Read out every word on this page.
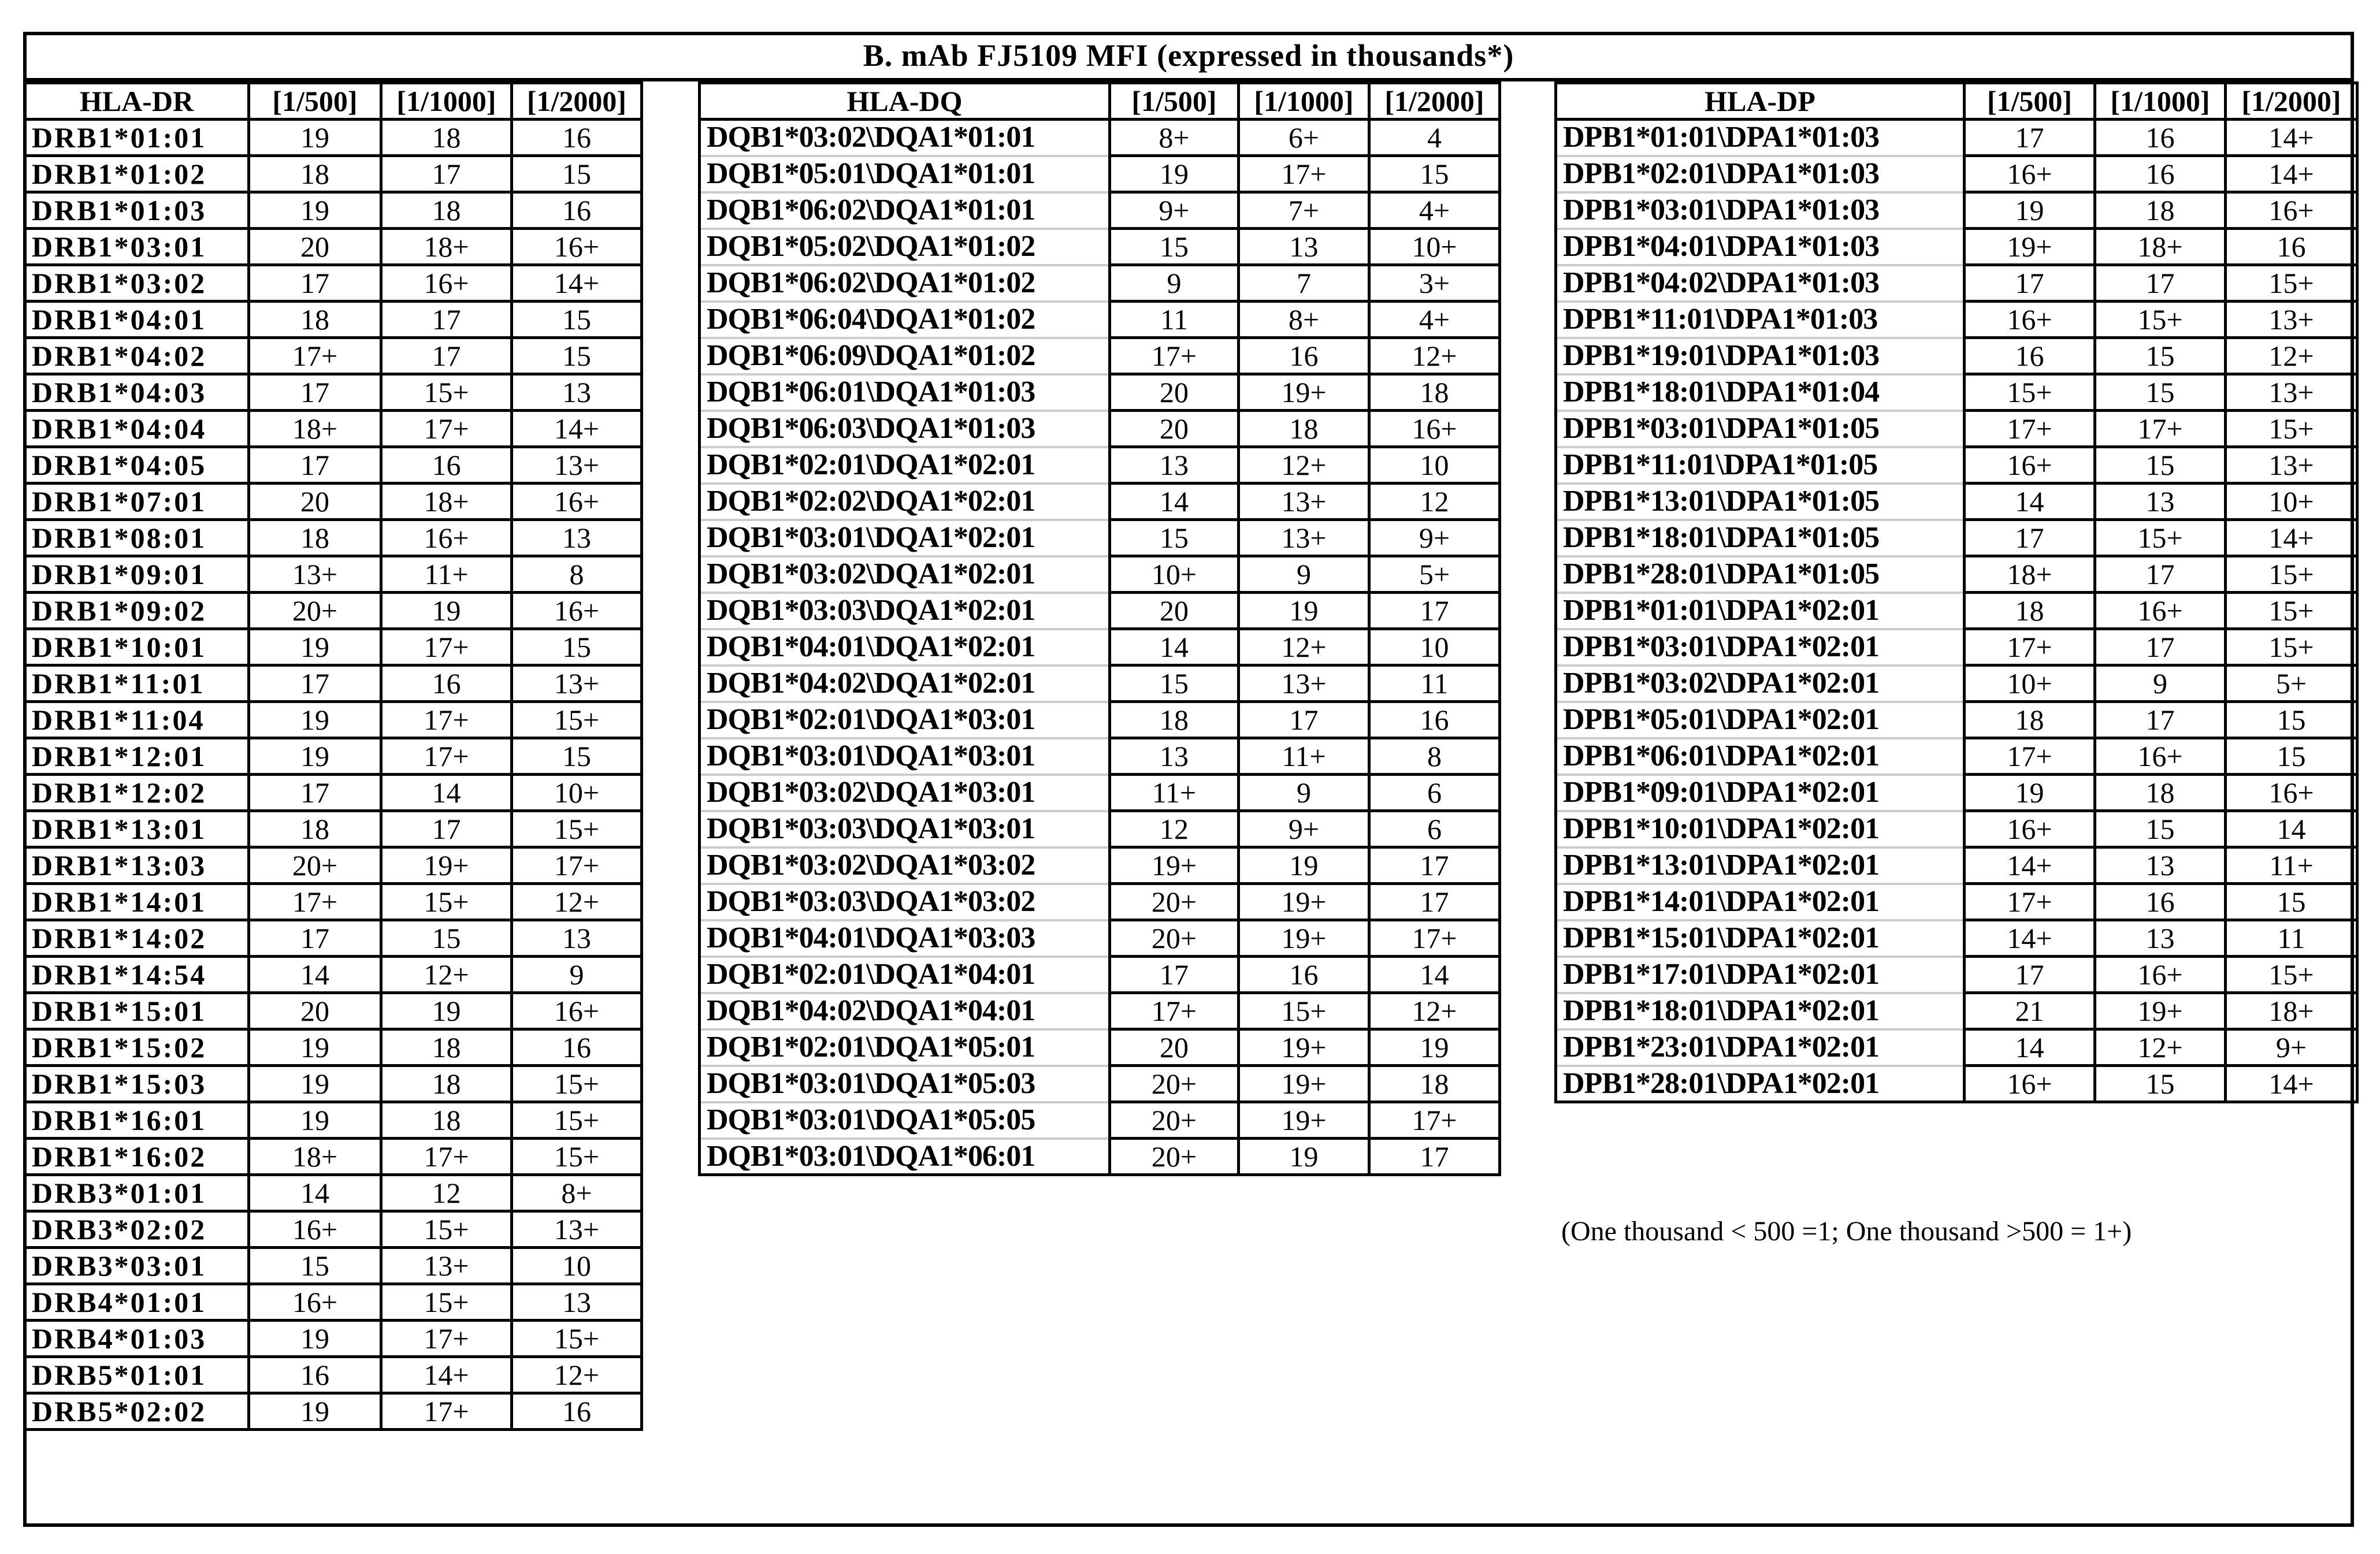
B. mAb FJ5109 MFI (expressed in thousands*)
HLA-DR	[1/500]	[1/1000]	[1/2000]
DRB1*01:01	19	18	16
DRB1*01:02	18	17	15
DRB1*01:03	19	18	16
DRB1*03:01	20	18+	16+
DRB1*03:02	17	16+	14+
DRB1*04:01	18	17	15
DRB1*04:02	17+	17	15
DRB1*04:03	17	15+	13
DRB1*04:04	18+	17+	14+
DRB1*04:05	17	16	13+
DRB1*07:01	20	18+	16+
DRB1*08:01	18	16+	13
DRB1*09:01	13+	11+	8
DRB1*09:02	20+	19	16+
DRB1*10:01	19	17+	15
DRB1*11:01	17	16	13+
DRB1*11:04	19	17+	15+
DRB1*12:01	19	17+	15
DRB1*12:02	17	14	10+
DRB1*13:01	18	17	15+
DRB1*13:03	20+	19+	17+
DRB1*14:01	17+	15+	12+
DRB1*14:02	17	15	13
DRB1*14:54	14	12+	9
DRB1*15:01	20	19	16+
DRB1*15:02	19	18	16
DRB1*15:03	19	18	15+
DRB1*16:01	19	18	15+
DRB1*16:02	18+	17+	15+
DRB3*01:01	14	12	8+
DRB3*02:02	16+	15+	13+
DRB3*03:01	15	13+	10
DRB4*01:01	16+	15+	13
DRB4*01:03	19	17+	15+
DRB5*01:01	16	14+	12+
DRB5*02:02	19	17+	16
HLA-DQ	[1/500]	[1/1000]	[1/2000]
DQB1*03:02\DQA1*01:01	8+	6+	4
DQB1*05:01\DQA1*01:01	19	17+	15
DQB1*06:02\DQA1*01:01	9+	7+	4+
DQB1*05:02\DQA1*01:02	15	13	10+
DQB1*06:02\DQA1*01:02	9	7	3+
DQB1*06:04\DQA1*01:02	11	8+	4+
DQB1*06:09\DQA1*01:02	17+	16	12+
DQB1*06:01\DQA1*01:03	20	19+	18
DQB1*06:03\DQA1*01:03	20	18	16+
DQB1*02:01\DQA1*02:01	13	12+	10
DQB1*02:02\DQA1*02:01	14	13+	12
DQB1*03:01\DQA1*02:01	15	13+	9+
DQB1*03:02\DQA1*02:01	10+	9	5+
DQB1*03:03\DQA1*02:01	20	19	17
DQB1*04:01\DQA1*02:01	14	12+	10
DQB1*04:02\DQA1*02:01	15	13+	11
DQB1*02:01\DQA1*03:01	18	17	16
DQB1*03:01\DQA1*03:01	13	11+	8
DQB1*03:02\DQA1*03:01	11+	9	6
DQB1*03:03\DQA1*03:01	12	9+	6
DQB1*03:02\DQA1*03:02	19+	19	17
DQB1*03:03\DQA1*03:02	20+	19+	17
DQB1*04:01\DQA1*03:03	20+	19+	17+
DQB1*02:01\DQA1*04:01	17	16	14
DQB1*04:02\DQA1*04:01	17+	15+	12+
DQB1*02:01\DQA1*05:01	20	19+	19
DQB1*03:01\DQA1*05:03	20+	19+	18
DQB1*03:01\DQA1*05:05	20+	19+	17+
DQB1*03:01\DQA1*06:01	20+	19	17
HLA-DP	[1/500]	[1/1000]	[1/2000]
DPB1*01:01\DPA1*01:03	17	16	14+
DPB1*02:01\DPA1*01:03	16+	16	14+
DPB1*03:01\DPA1*01:03	19	18	16+
DPB1*04:01\DPA1*01:03	19+	18+	16
DPB1*04:02\DPA1*01:03	17	17	15+
DPB1*11:01\DPA1*01:03	16+	15+	13+
DPB1*19:01\DPA1*01:03	16	15	12+
DPB1*18:01\DPA1*01:04	15+	15	13+
DPB1*03:01\DPA1*01:05	17+	17+	15+
DPB1*11:01\DPA1*01:05	16+	15	13+
DPB1*13:01\DPA1*01:05	14	13	10+
DPB1*18:01\DPA1*01:05	17	15+	14+
DPB1*28:01\DPA1*01:05	18+	17	15+
DPB1*01:01\DPA1*02:01	18	16+	15+
DPB1*03:01\DPA1*02:01	17+	17	15+
DPB1*03:02\DPA1*02:01	10+	9	5+
DPB1*05:01\DPA1*02:01	18	17	15
DPB1*06:01\DPA1*02:01	17+	16+	15
DPB1*09:01\DPA1*02:01	19	18	16+
DPB1*10:01\DPA1*02:01	16+	15	14
DPB1*13:01\DPA1*02:01	14+	13	11+
DPB1*14:01\DPA1*02:01	17+	16	15
DPB1*15:01\DPA1*02:01	14+	13	11
DPB1*17:01\DPA1*02:01	17	16+	15+
DPB1*18:01\DPA1*02:01	21	19+	18+
DPB1*23:01\DPA1*02:01	14	12+	9+
DPB1*28:01\DPA1*02:01	16+	15	14+
(One thousand < 500 =1; One thousand >500 = 1+)
